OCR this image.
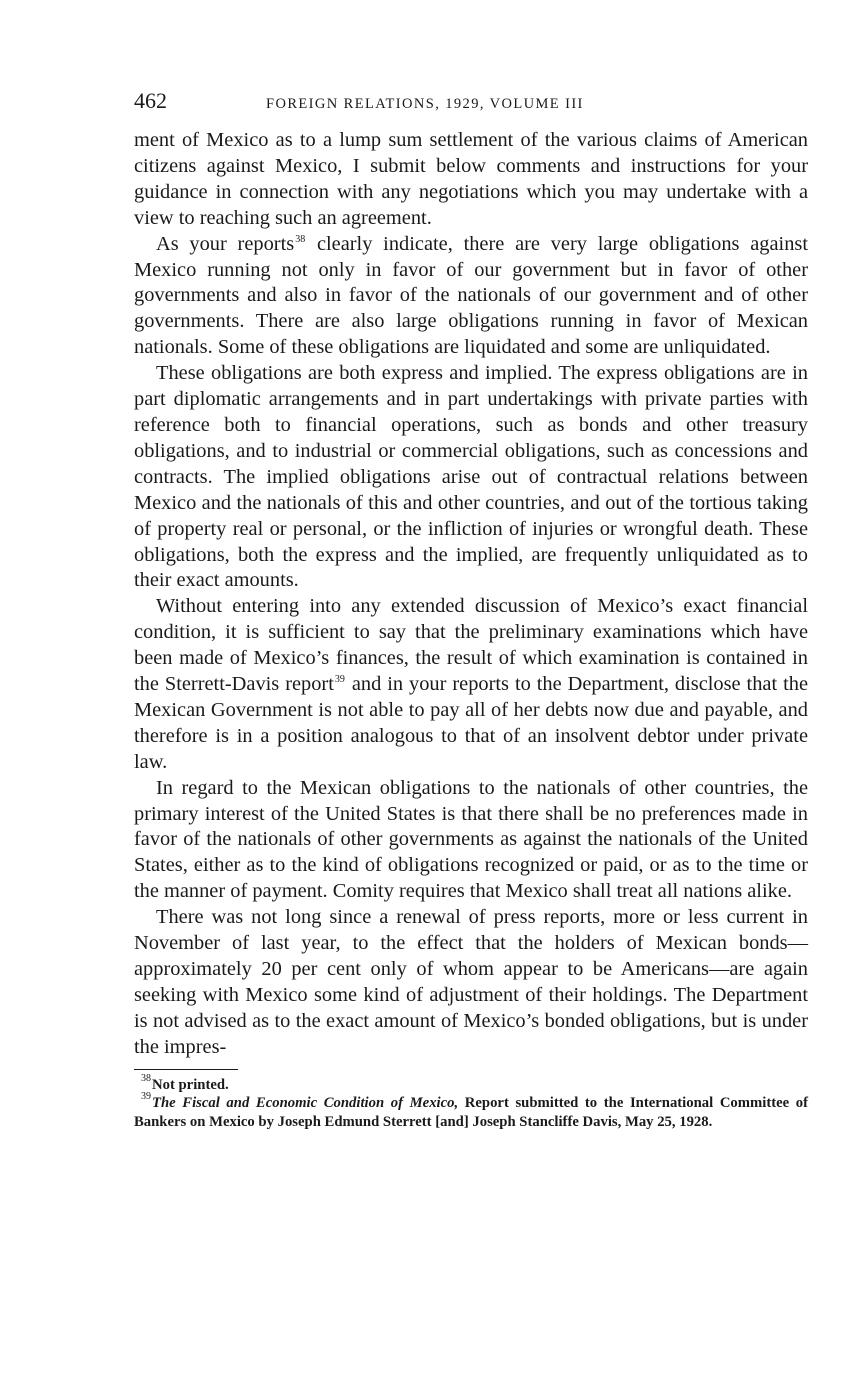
462	FOREIGN RELATIONS, 1929, VOLUME III

ment of Mexico as to a lump sum settlement of the various claims of American citizens against Mexico, I submit below comments and instructions for your guidance in connection with any negotiations which you may undertake with a view to reaching such an agreement.

As your reports$^{38}$ clearly indicate, there are very large obligations against Mexico running not only in favor of our government but in favor of other governments and also in favor of the nationals of our government and of other governments. There are also large obligations running in favor of Mexican nationals. Some of these obligations are liquidated and some are unliquidated.

These obligations are both express and implied. The express obligations are in part diplomatic arrangements and in part undertakings with private parties with reference both to financial operations, such as bonds and other treasury obligations, and to industrial or commercial obligations, such as concessions and contracts. The implied obligations arise out of contractual relations between Mexico and the nationals of this and other countries, and out of the tortious taking of property real or personal, or the infliction of injuries or wrongful death. These obligations, both the express and the implied, are frequently unliquidated as to their exact amounts.

Without entering into any extended discussion of Mexico’s exact financial condition, it is sufficient to say that the preliminary examinations which have been made of Mexico’s finances, the result of which examination is contained in the Sterrett-Davis report$^{39}$ and in your reports to the Department, disclose that the Mexican Government is not able to pay all of her debts now due and payable, and therefore is in a position analogous to that of an insolvent debtor under private law.

In regard to the Mexican obligations to the nationals of other countries, the primary interest of the United States is that there shall be no preferences made in favor of the nationals of other governments as against the nationals of the United States, either as to the kind of obligations recognized or paid, or as to the time or the manner of payment. Comity requires that Mexico shall treat all nations alike.

There was not long since a renewal of press reports, more or less current in November of last year, to the effect that the holders of Mexican bonds—approximately 20 per cent only of whom appear to be Americans—are again seeking with Mexico some kind of adjustment of their holdings. The Department is not advised as to the exact amount of Mexico’s bonded obligations, but is under the impres-

$^{38}$Not printed.

$^{39}$The Fiscal and Economic Condition of Mexico, Report submitted to the International Committee of Bankers on Mexico by Joseph Edmund Sterrett [and] Joseph Stancliffe Davis, May 25, 1928.
